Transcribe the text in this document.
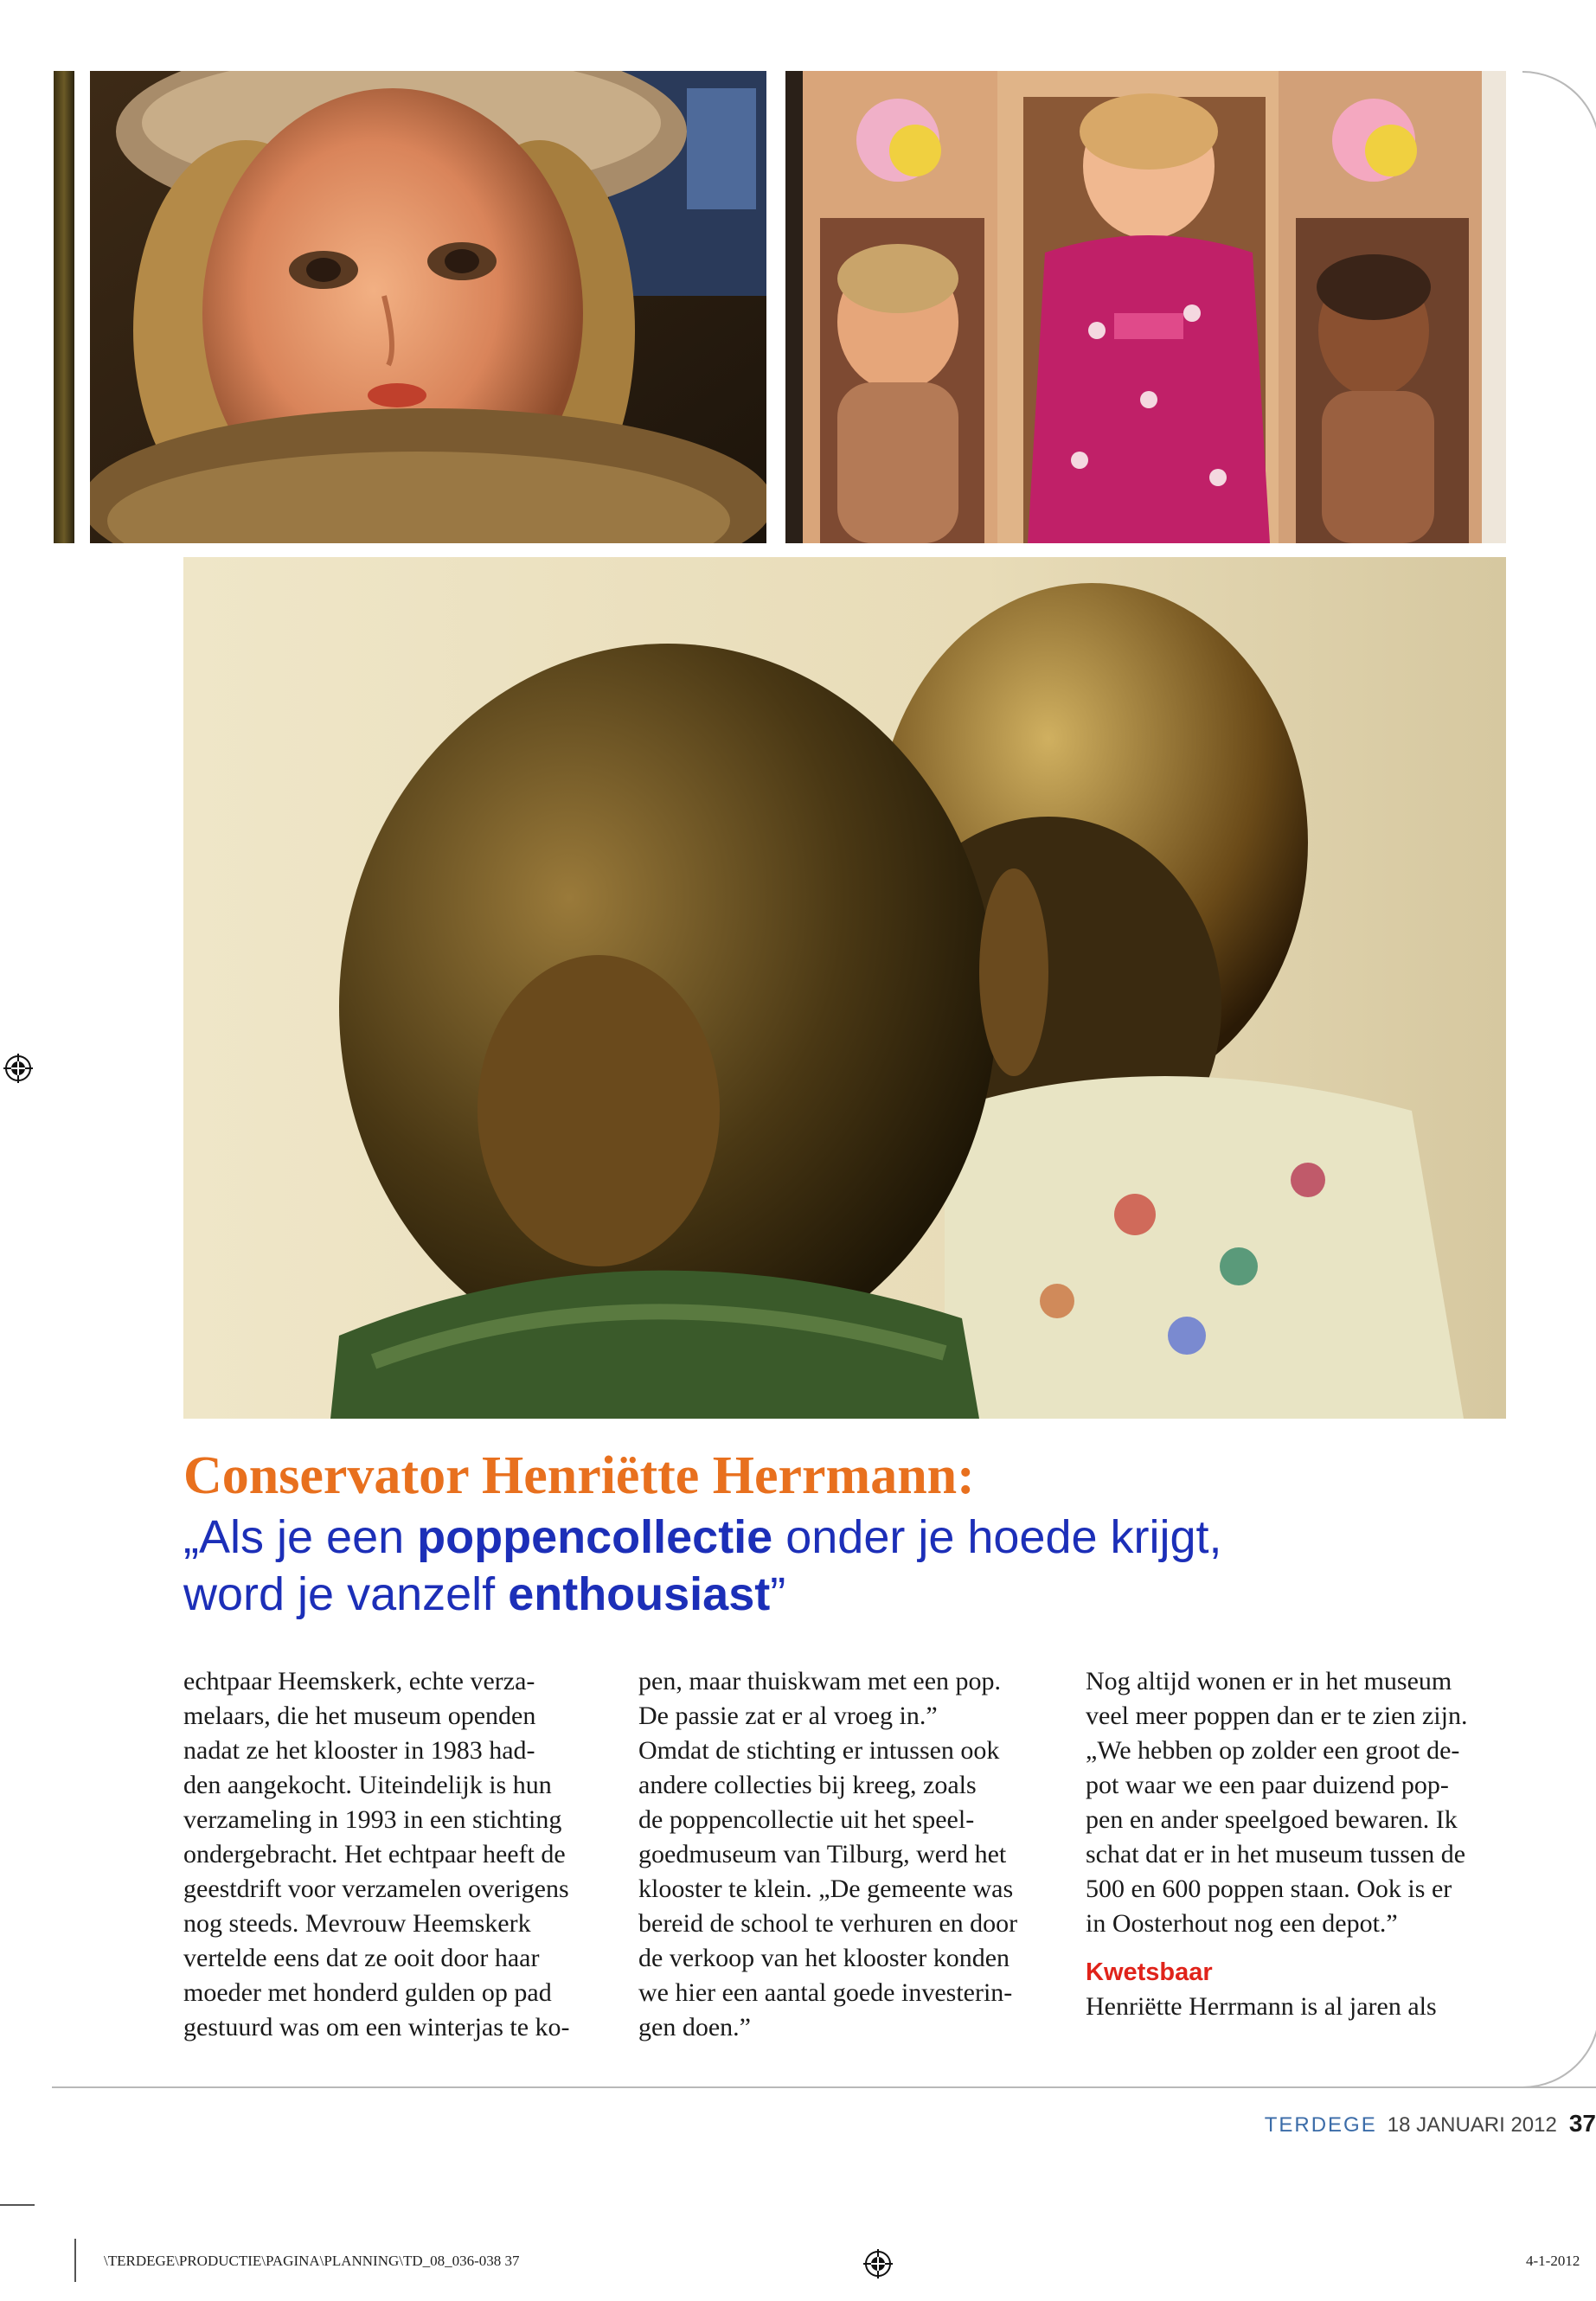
Conservator Henriëtte Herrmann:

„Als je een poppencollectie onder je hoede krijgt,
word je vanzelf enthousiast”

echtpaar Heemskerk, echte verza-
melaars, die het museum openden
nadat ze het klooster in 1983 had-
den aangekocht. Uiteindelijk is hun
verzameling in 1993 in een stichting
ondergebracht. Het echtpaar heeft de
geestdrift voor verzamelen overigens
nog steeds. Mevrouw Heemskerk
vertelde eens dat ze ooit door haar
moeder met honderd gulden op pad
gestuurd was om een winterjas te ko-
pen, maar thuiskwam met een pop.
De passie zat er al vroeg in.”
Omdat de stichting er intussen ook
andere collecties bij kreeg, zoals
de poppencollectie uit het speel-
goedmuseum van Tilburg, werd het
klooster te klein. „De gemeente was
bereid de school te verhuren en door
de verkoop van het klooster konden
we hier een aantal goede investerin-
gen doen.”
Nog altijd wonen er in het museum
veel meer poppen dan er te zien zijn.
„We hebben op zolder een groot de-
pot waar we een paar duizend pop-
pen en ander speelgoed bewaren. Ik
schat dat er in het museum tussen de
500 en 600 poppen staan. Ook is er
in Oosterhout nog een depot.”
Kwetsbaar
Henriëtte Herrmann is al jaren als
TERDEGE 18 JANUARI 2012 37
\TERDEGE\PRODUCTIE\PAGINA\PLANNING\TD_08_036-038 37	4-1-2012
